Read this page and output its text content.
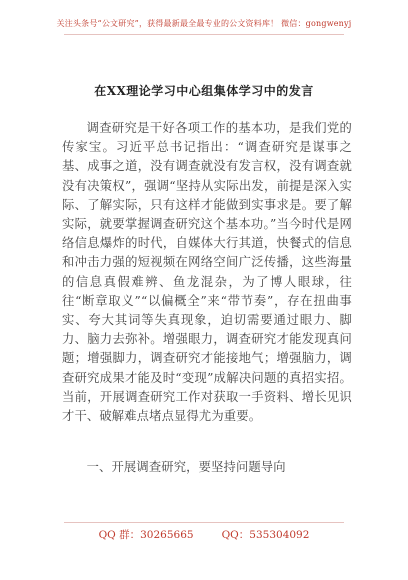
关注头条号“公文研究”，获得最新最全最专业的公文资料库！ 微信：gongwenyj
在XX理论学习中心组集体学习中的发言

调查研究是干好各项工作的基本功，是我们党的传家宝。习近平总书记指出：“调查研究是谋事之基、成事之道，没有调查就没有发言权，没有调查就没有决策权”，强调“坚持从实际出发，前提是深入实际、了解实际，只有这样才能做到实事求是。要了解实际，就要掌握调查研究这个基本功。”当今时代是网络信息爆炸的时代，自媒体大行其道，快餐式的信息和冲击力强的短视频在网络空间广泛传播，这些海量的信息真假难辨、鱼龙混杂，为了博人眼球，往往“断章取义”“以偏概全”来“带节奏”，存在扭曲事实、夸大其词等失真现象，迫切需要通过眼力、脚力、脑力去弥补。增强眼力，调查研究才能发现真问题；增强脚力，调查研究才能接地气；增强脑力，调查研究成果才能及时“变现”成解决问题的真招实招。当前，开展调查研究工作对获取一手资料、增长见识才干、破解难点堵点显得尤为重要。

一、开展调查研究，要坚持问题导向

QQ 群：30265665	QQ：535304092
